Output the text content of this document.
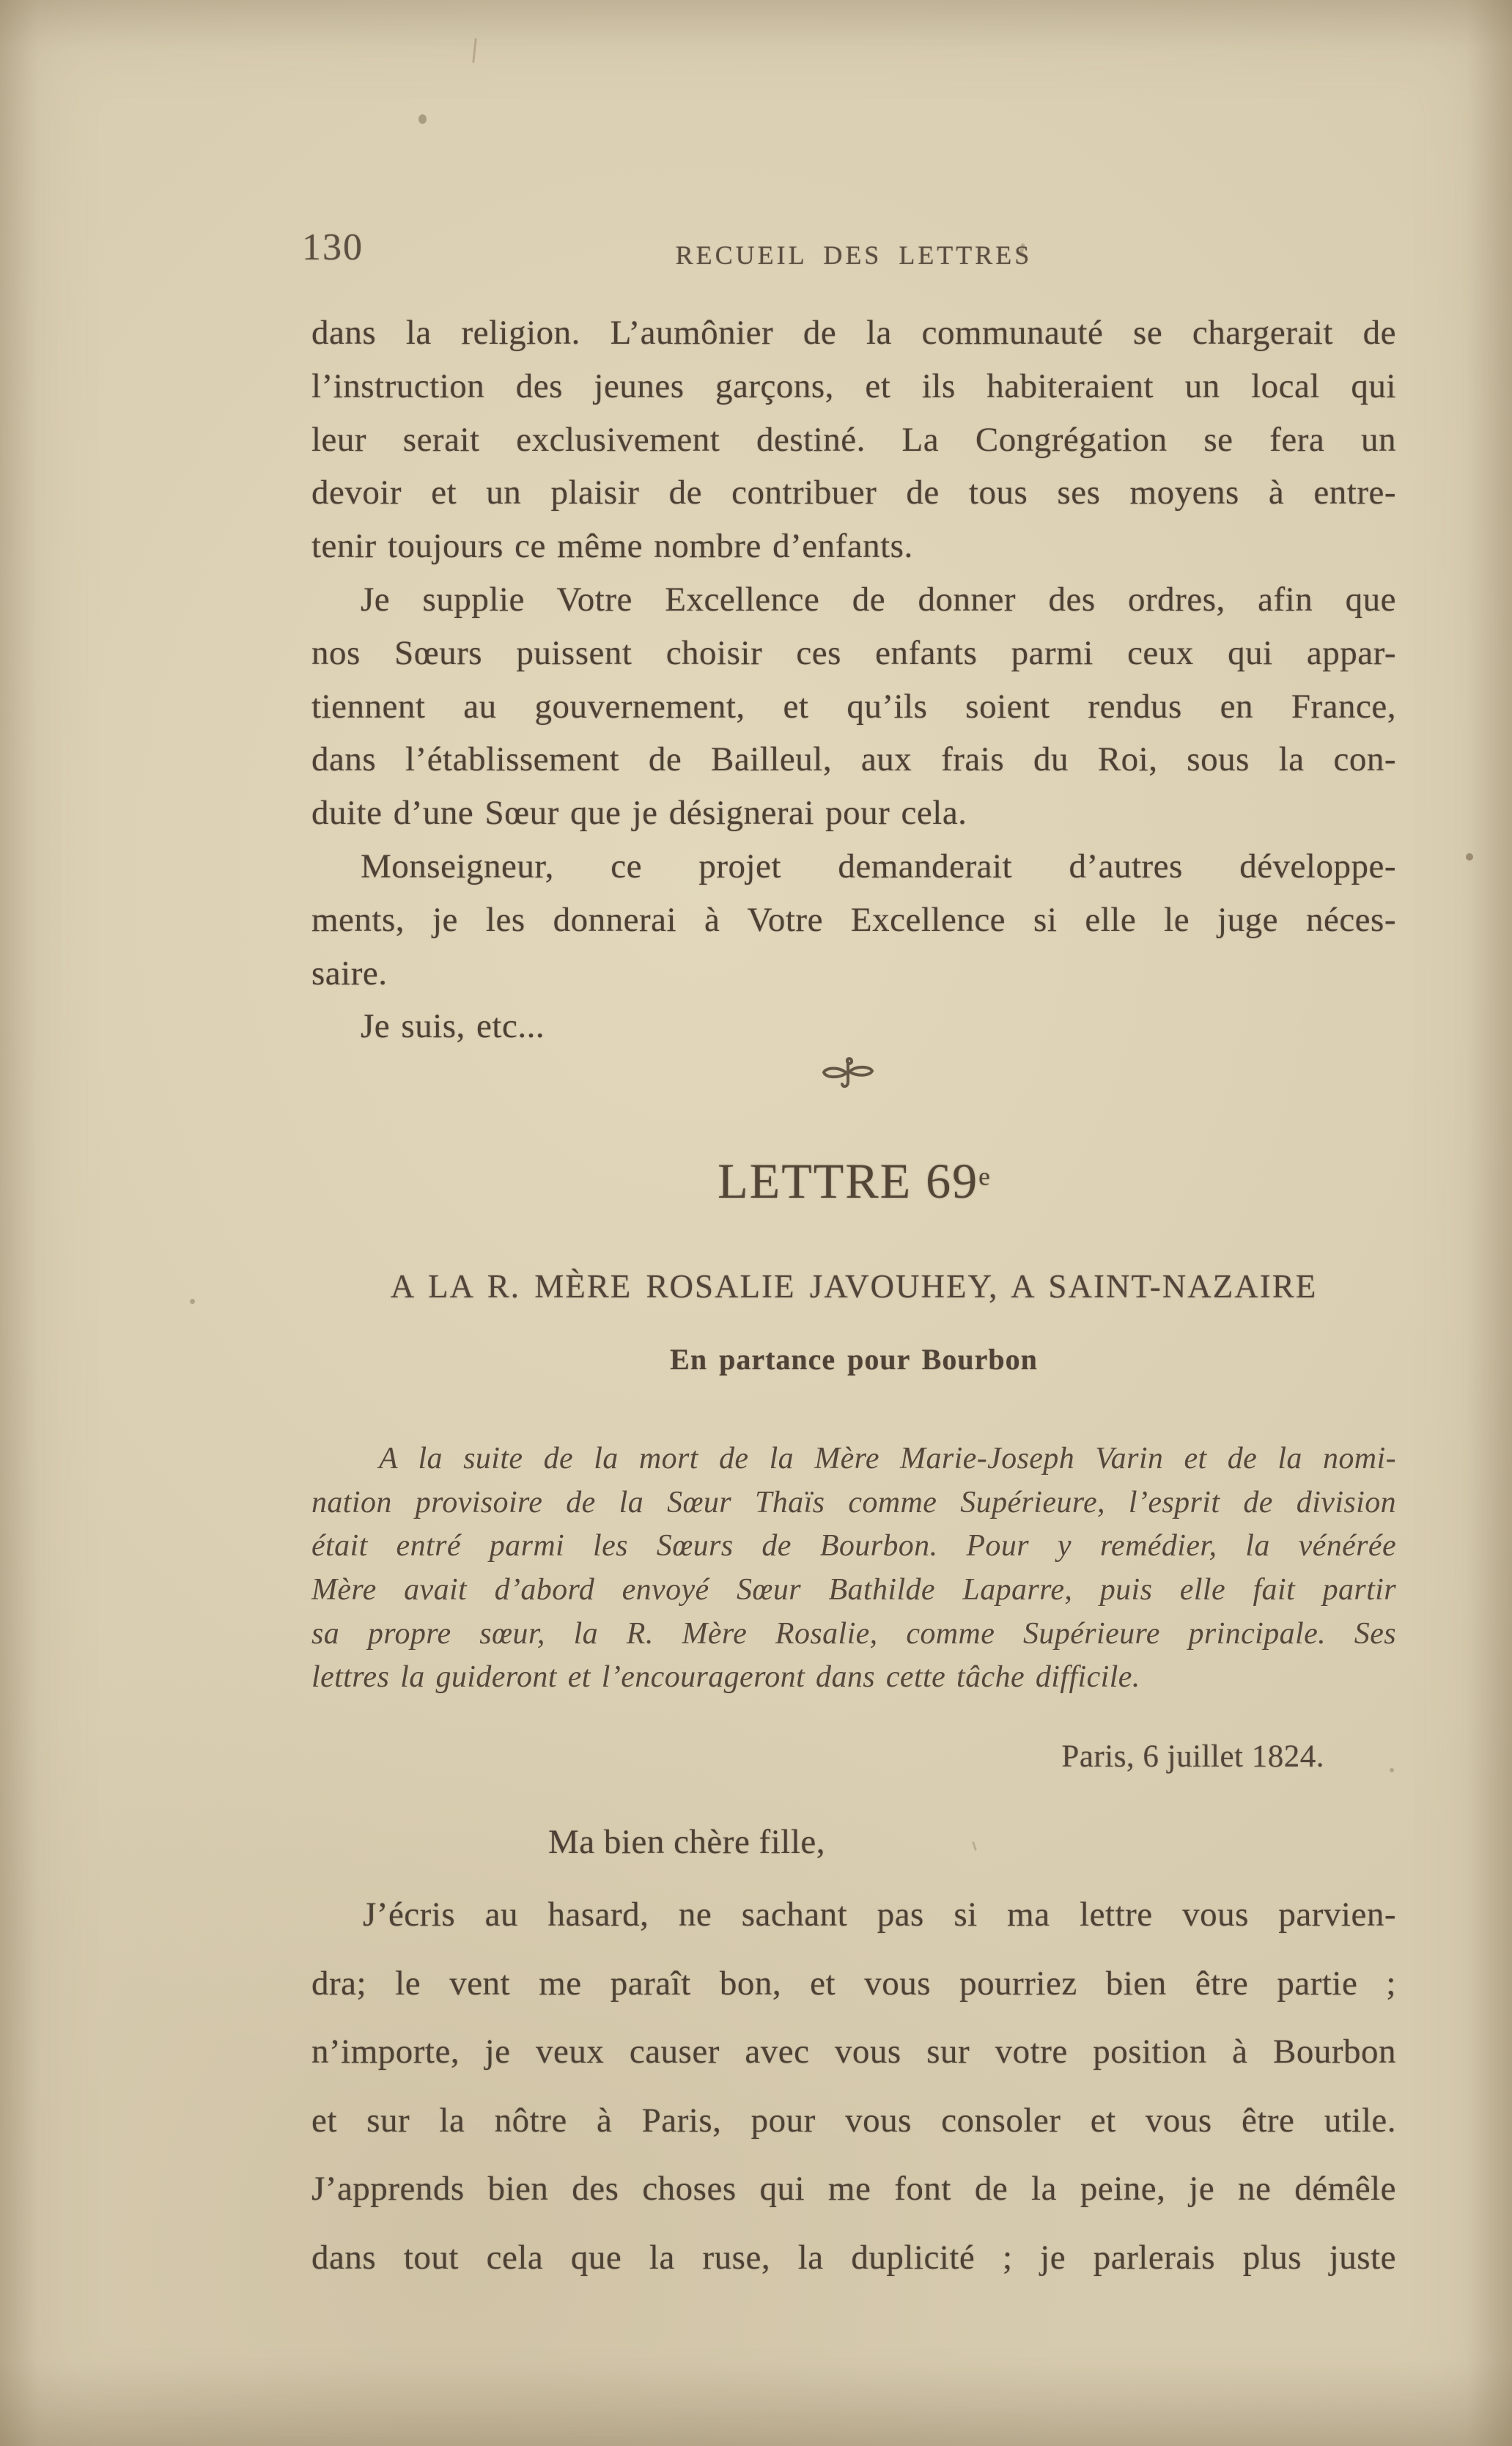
130	RECUEIL DES LETTRES
dans la religion. L’aumônier de la communauté se chargerait de
l’instruction des jeunes garçons, et ils habiteraient un local qui
leur serait exclusivement destiné. La Congrégation se fera un
devoir et un plaisir de contribuer de tous ses moyens à entre-
tenir toujours ce même nombre d’enfants.
Je supplie Votre Excellence de donner des ordres, afin que
nos Sœurs puissent choisir ces enfants parmi ceux qui appar-
tiennent au gouvernement, et qu’ils soient rendus en France,
dans l’établissement de Bailleul, aux frais du Roi, sous la con-
duite d’une Sœur que je désignerai pour cela.
Monseigneur, ce projet demanderait d’autres développe-
ments, je les donnerai à Votre Excellence si elle le juge néces-
saire.
Je suis, etc...
LETTRE 69e
A LA R. MÈRE ROSALIE JAVOUHEY, A SAINT-NAZAIRE
En partance pour Bourbon
A la suite de la mort de la Mère Marie-Joseph Varin et de la nomi-
nation provisoire de la Sœur Thaïs comme Supérieure, l’esprit de division
était entré parmi les Sœurs de Bourbon. Pour y remédier, la vénérée
Mère avait d’abord envoyé Sœur Bathilde Laparre, puis elle fait partir
sa propre sœur, la R. Mère Rosalie, comme Supérieure principale. Ses
lettres la guideront et l’encourageront dans cette tâche difficile.
Paris, 6 juillet 1824.
Ma bien chère fille,
J’écris au hasard, ne sachant pas si ma lettre vous parvien-
dra; le vent me paraît bon, et vous pourriez bien être partie ;
n’importe, je veux causer avec vous sur votre position à Bourbon
et sur la nôtre à Paris, pour vous consoler et vous être utile.
J’apprends bien des choses qui me font de la peine, je ne démêle
dans tout cela que la ruse, la duplicité ; je parlerais plus juste
